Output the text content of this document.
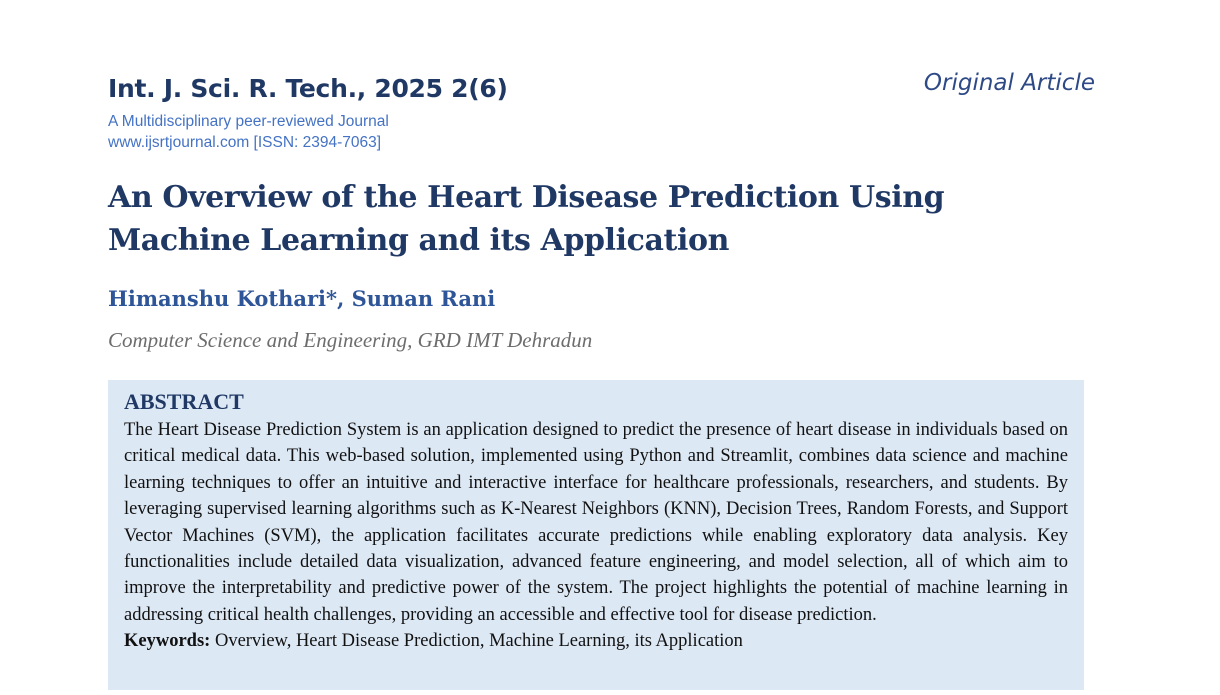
Int. J. Sci. R. Tech., 2025 2(6)	Original Article
A Multidisciplinary peer-reviewed Journal
www.ijsrtjournal.com [ISSN: 2394-7063]
An Overview of the Heart Disease Prediction Using
Machine Learning and its Application
Himanshu Kothari*, Suman Rani
Computer Science and Engineering, GRD IMT Dehradun

ABSTRACT

The Heart Disease Prediction System is an application designed to predict the presence of heart disease in individuals based on critical medical data. This web-based solution, implemented using Python and Streamlit, combines data science and machine learning techniques to offer an intuitive and interactive interface for healthcare professionals, researchers, and students. By leveraging supervised learning algorithms such as K-Nearest Neighbors (KNN), Decision Trees, Random Forests, and Support Vector Machines (SVM), the application facilitates accurate predictions while enabling exploratory data analysis. Key functionalities include detailed data visualization, advanced feature engineering, and model selection, all of which aim to improve the interpretability and predictive power of the system. The project highlights the potential of machine learning in addressing critical health challenges, providing an accessible and effective tool for disease prediction.

Keywords: Overview, Heart Disease Prediction, Machine Learning, its Application
